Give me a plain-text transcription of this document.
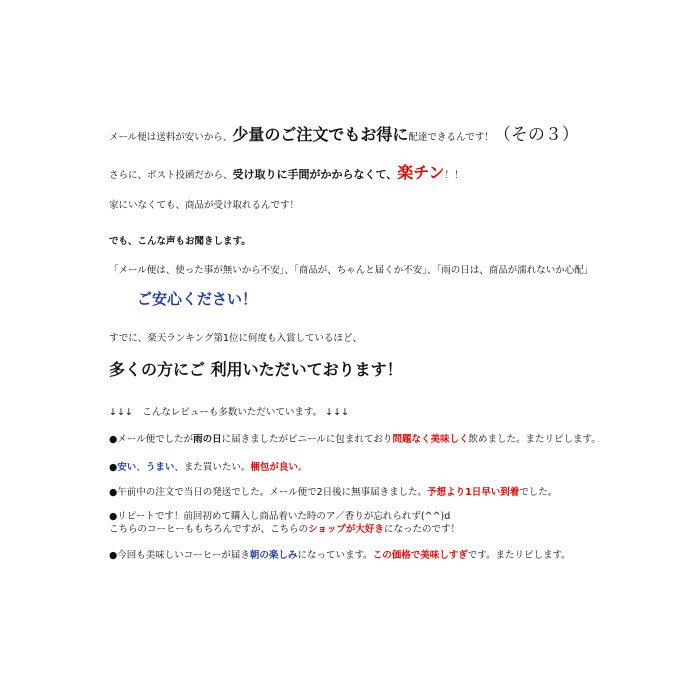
メール便は送料が安いから、少量のご注文でもお得に配達できるんです！（その３）
さらに、ポスト投函だから、受け取りに手間がかからなくて、楽チン！！
家にいなくても、商品が受け取れるんです！
でも、こんな声もお聞きします。
「メール便は、使った事が無いから不安」、「商品が、ちゃんと届くか不安」、「雨の日は、商品が濡れないか心配」
ご安心ください！
すでに、楽天ランキング第1位に何度も入賞しているほど、
多くの方にご 利用いただいております！
↓↓↓　こんなレビューも多数いただいています。 ↓↓↓
●メール便でしたが雨の日に届きましたがビニールに包まれており問題なく美味しく飲めました。またリピします。
●安い、うまい、また買いたい。梱包が良い。
●午前中の注文で当日の発送でした。メール便で2日後に無事届きました。予想より1日早い到着でした。
●リピートです！前回初めて購入し商品着いた時のア／香りが忘れられず(^^)d
こちらのコーヒーももちろんですが、こちらのショップが大好きになったのです！
●今回も美味しいコーヒーが届き朝の楽しみになっています。この価格で美味しすぎです。またリピします。
